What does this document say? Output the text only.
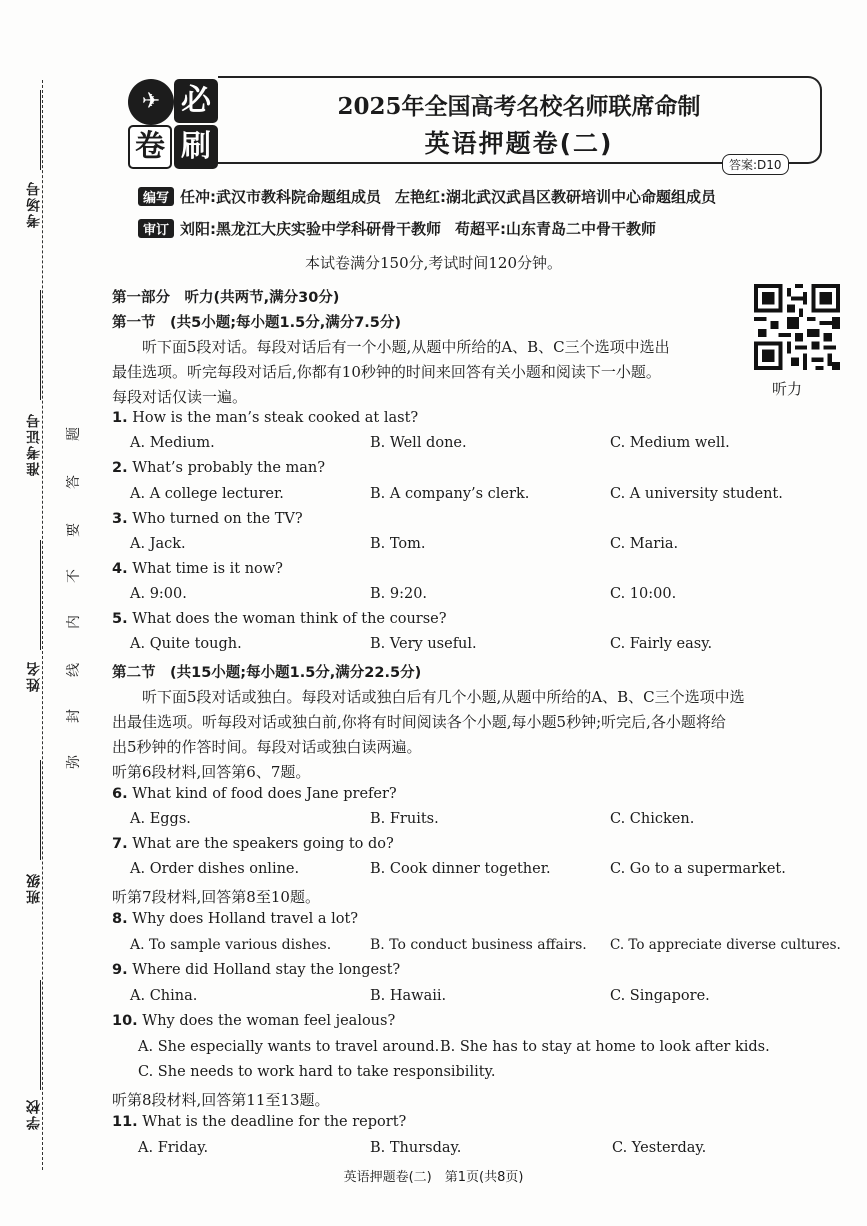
考场号
准考证号
姓名
班级
学校
题
答
要
不
内
线
封
弥
✈ 必
卷 刷
2025年全国高考名校名师联席命制
英语押题卷(二)
答案:D10
编写 任冲:武汉市教科院命题组成员 左艳红:湖北武汉武昌区教研培训中心命题组成员
审订 刘阳:黑龙江大庆实验中学科研骨干教师 苟超平:山东青岛二中骨干教师
本试卷满分150分,考试时间120分钟。
听力
第一部分　听力(共两节,满分30分)
第一节　(共5小题;每小题1.5分,满分7.5分)
听下面5段对话。每段对话后有一个小题,从题中所给的A、B、C三个选项中选出
最佳选项。听完每段对话后,你都有10秒钟的时间来回答有关小题和阅读下一小题。
每段对话仅读一遍。
1. How is the man’s steak cooked at last?
A. Medium.	B. Well done.	C. Medium well.
2. What’s probably the man?
A. A college lecturer.	B. A company’s clerk.	C. A university student.
3. Who turned on the TV?
A. Jack.	B. Tom.	C. Maria.
4. What time is it now?
A. 9:00.	B. 9:20.	C. 10:00.
5. What does the woman think of the course?
A. Quite tough.	B. Very useful.	C. Fairly easy.
第二节　(共15小题;每小题1.5分,满分22.5分)
听下面5段对话或独白。每段对话或独白后有几个小题,从题中所给的A、B、C三个选项中选
出最佳选项。听每段对话或独白前,你将有时间阅读各个小题,每小题5秒钟;听完后,各小题将给
出5秒钟的作答时间。每段对话或独白读两遍。
听第6段材料,回答第6、7题。
6. What kind of food does Jane prefer?
A. Eggs.	B. Fruits.	C. Chicken.
7. What are the speakers going to do?
A. Order dishes online.	B. Cook dinner together.	C. Go to a supermarket.
听第7段材料,回答第8至10题。
8. Why does Holland travel a lot?
A. To sample various dishes.	B. To conduct business affairs. C. To appreciate diverse cultures.
9. Where did Holland stay the longest?
A. China.	B. Hawaii.	C. Singapore.
10. Why does the woman feel jealous?
A. She especially wants to travel around. B. She has to stay at home to look after kids.
C. She needs to work hard to take responsibility.
听第8段材料,回答第11至13题。
11. What is the deadline for the report?
A. Friday.	B. Thursday.	C. Yesterday.
英语押题卷(二)　第1页(共8页)
